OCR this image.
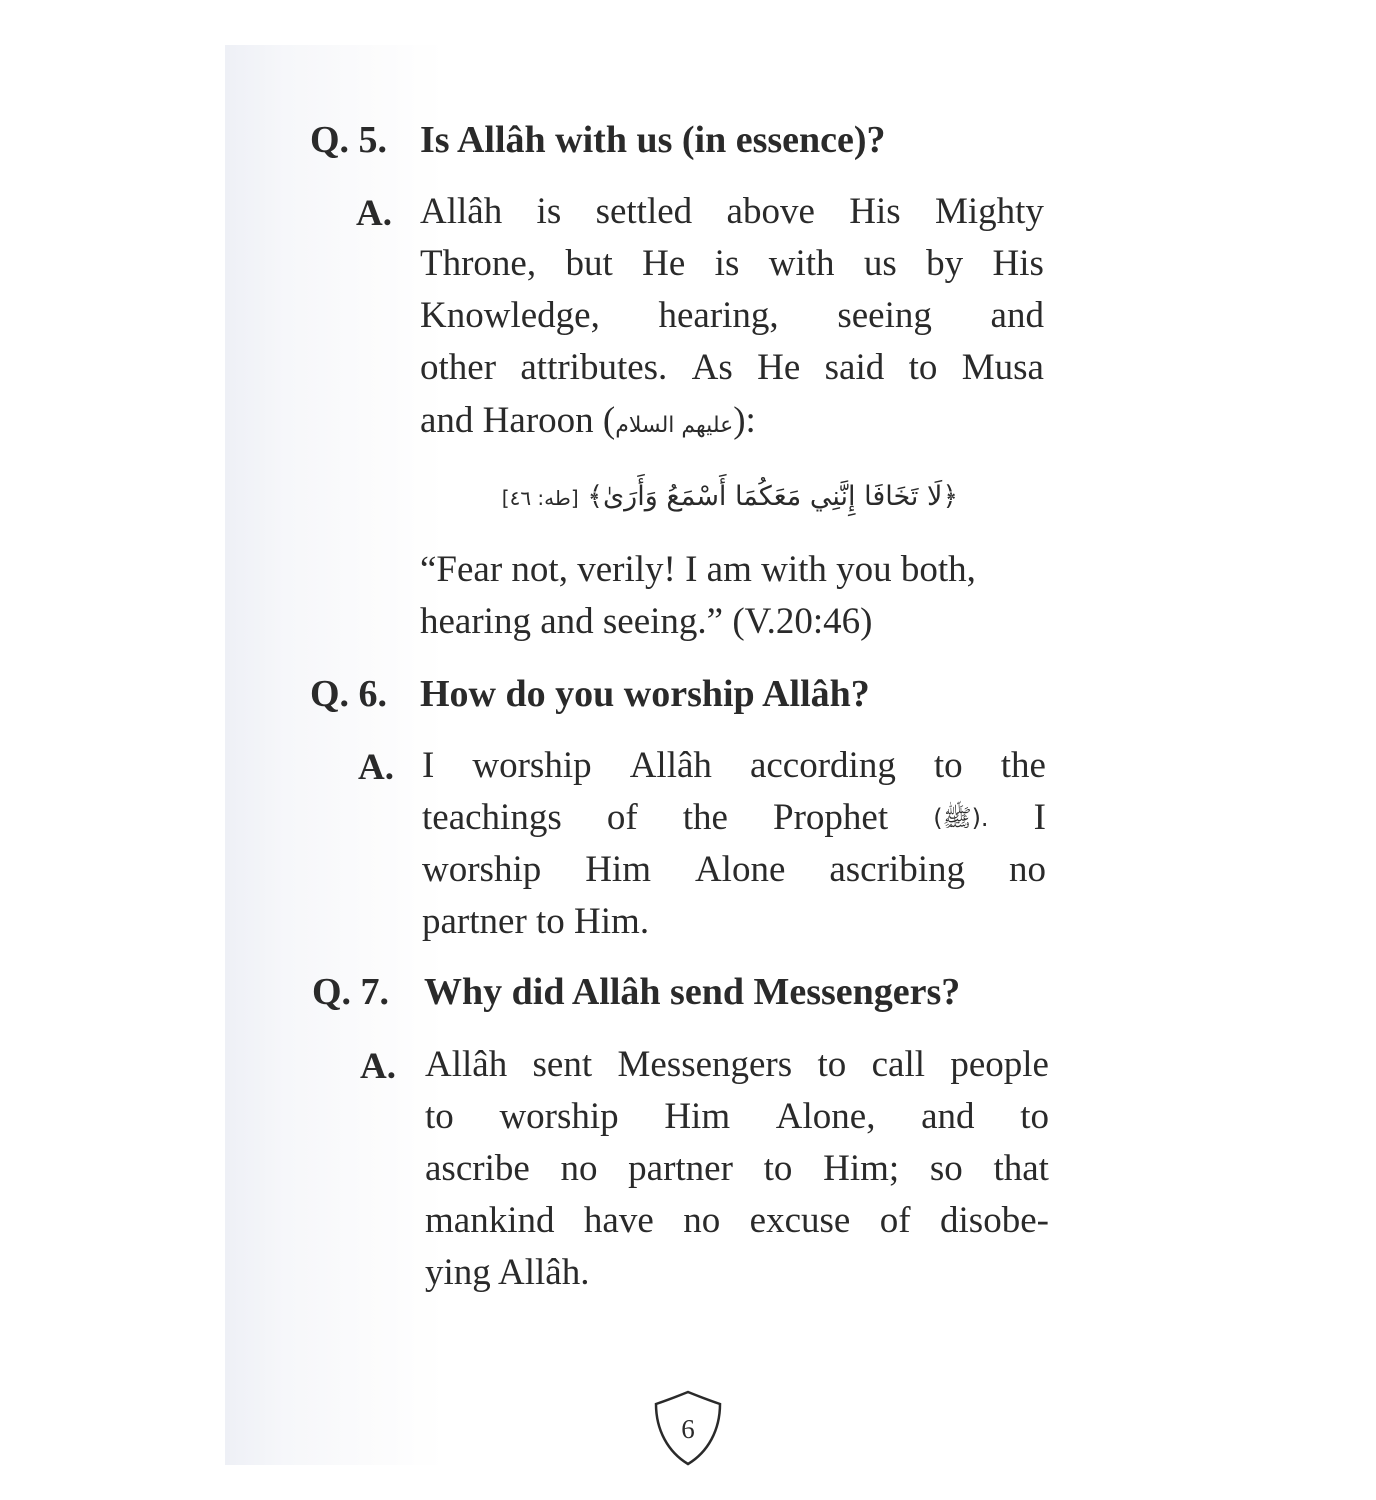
Q. 5. Is Allâh with us (in essence)?
A. Allâh is settled above His Mighty
Throne, but He is with us by His
Knowledge, hearing, seeing and
other attributes. As He said to Musa
and Haroon (عليهم السلام):
﴿لَا تَخَافَا إِنَّنِي مَعَكُمَا أَسْمَعُ وَأَرَىٰ﴾ [طه: ٤٦]
“Fear not, verily! I am with you both,
hearing and seeing.” (V.20:46)
Q. 6. How do you worship Allâh?
A. I worship Allâh according to the
teachings of the Prophet (ﷺ). I
worship Him Alone ascribing no
partner to Him.
Q. 7. Why did Allâh send Messengers?
A. Allâh sent Messengers to call people
to worship Him Alone, and to
ascribe no partner to Him; so that
mankind have no excuse of disobe-
ying Allâh.
6
